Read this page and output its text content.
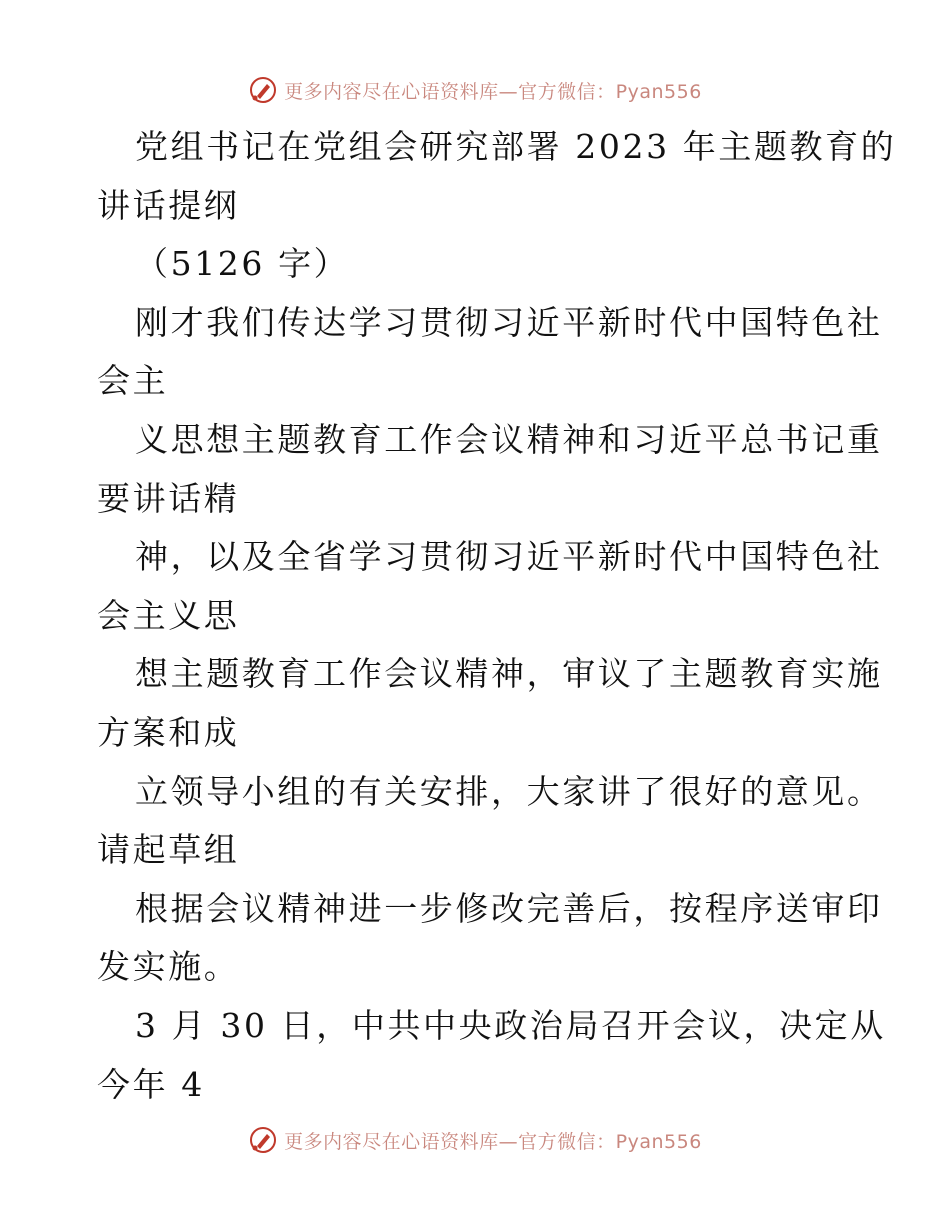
更多内容尽在心语资料库—官方微信：Pyan556
党组书记在党组会研究部署 2023 年主题教育的
讲话提纲
（5126 字）
刚才我们传达学习贯彻习近平新时代中国特色社
会主
义思想主题教育工作会议精神和习近平总书记重
要讲话精
神，以及全省学习贯彻习近平新时代中国特色社
会主义思
想主题教育工作会议精神，审议了主题教育实施
方案和成
立领导小组的有关安排，大家讲了很好的意见。
请起草组
根据会议精神进一步修改完善后，按程序送审印
发实施。
3 月 30 日，中共中央政治局召开会议，决定从
今年 4
更多内容尽在心语资料库—官方微信：Pyan556
